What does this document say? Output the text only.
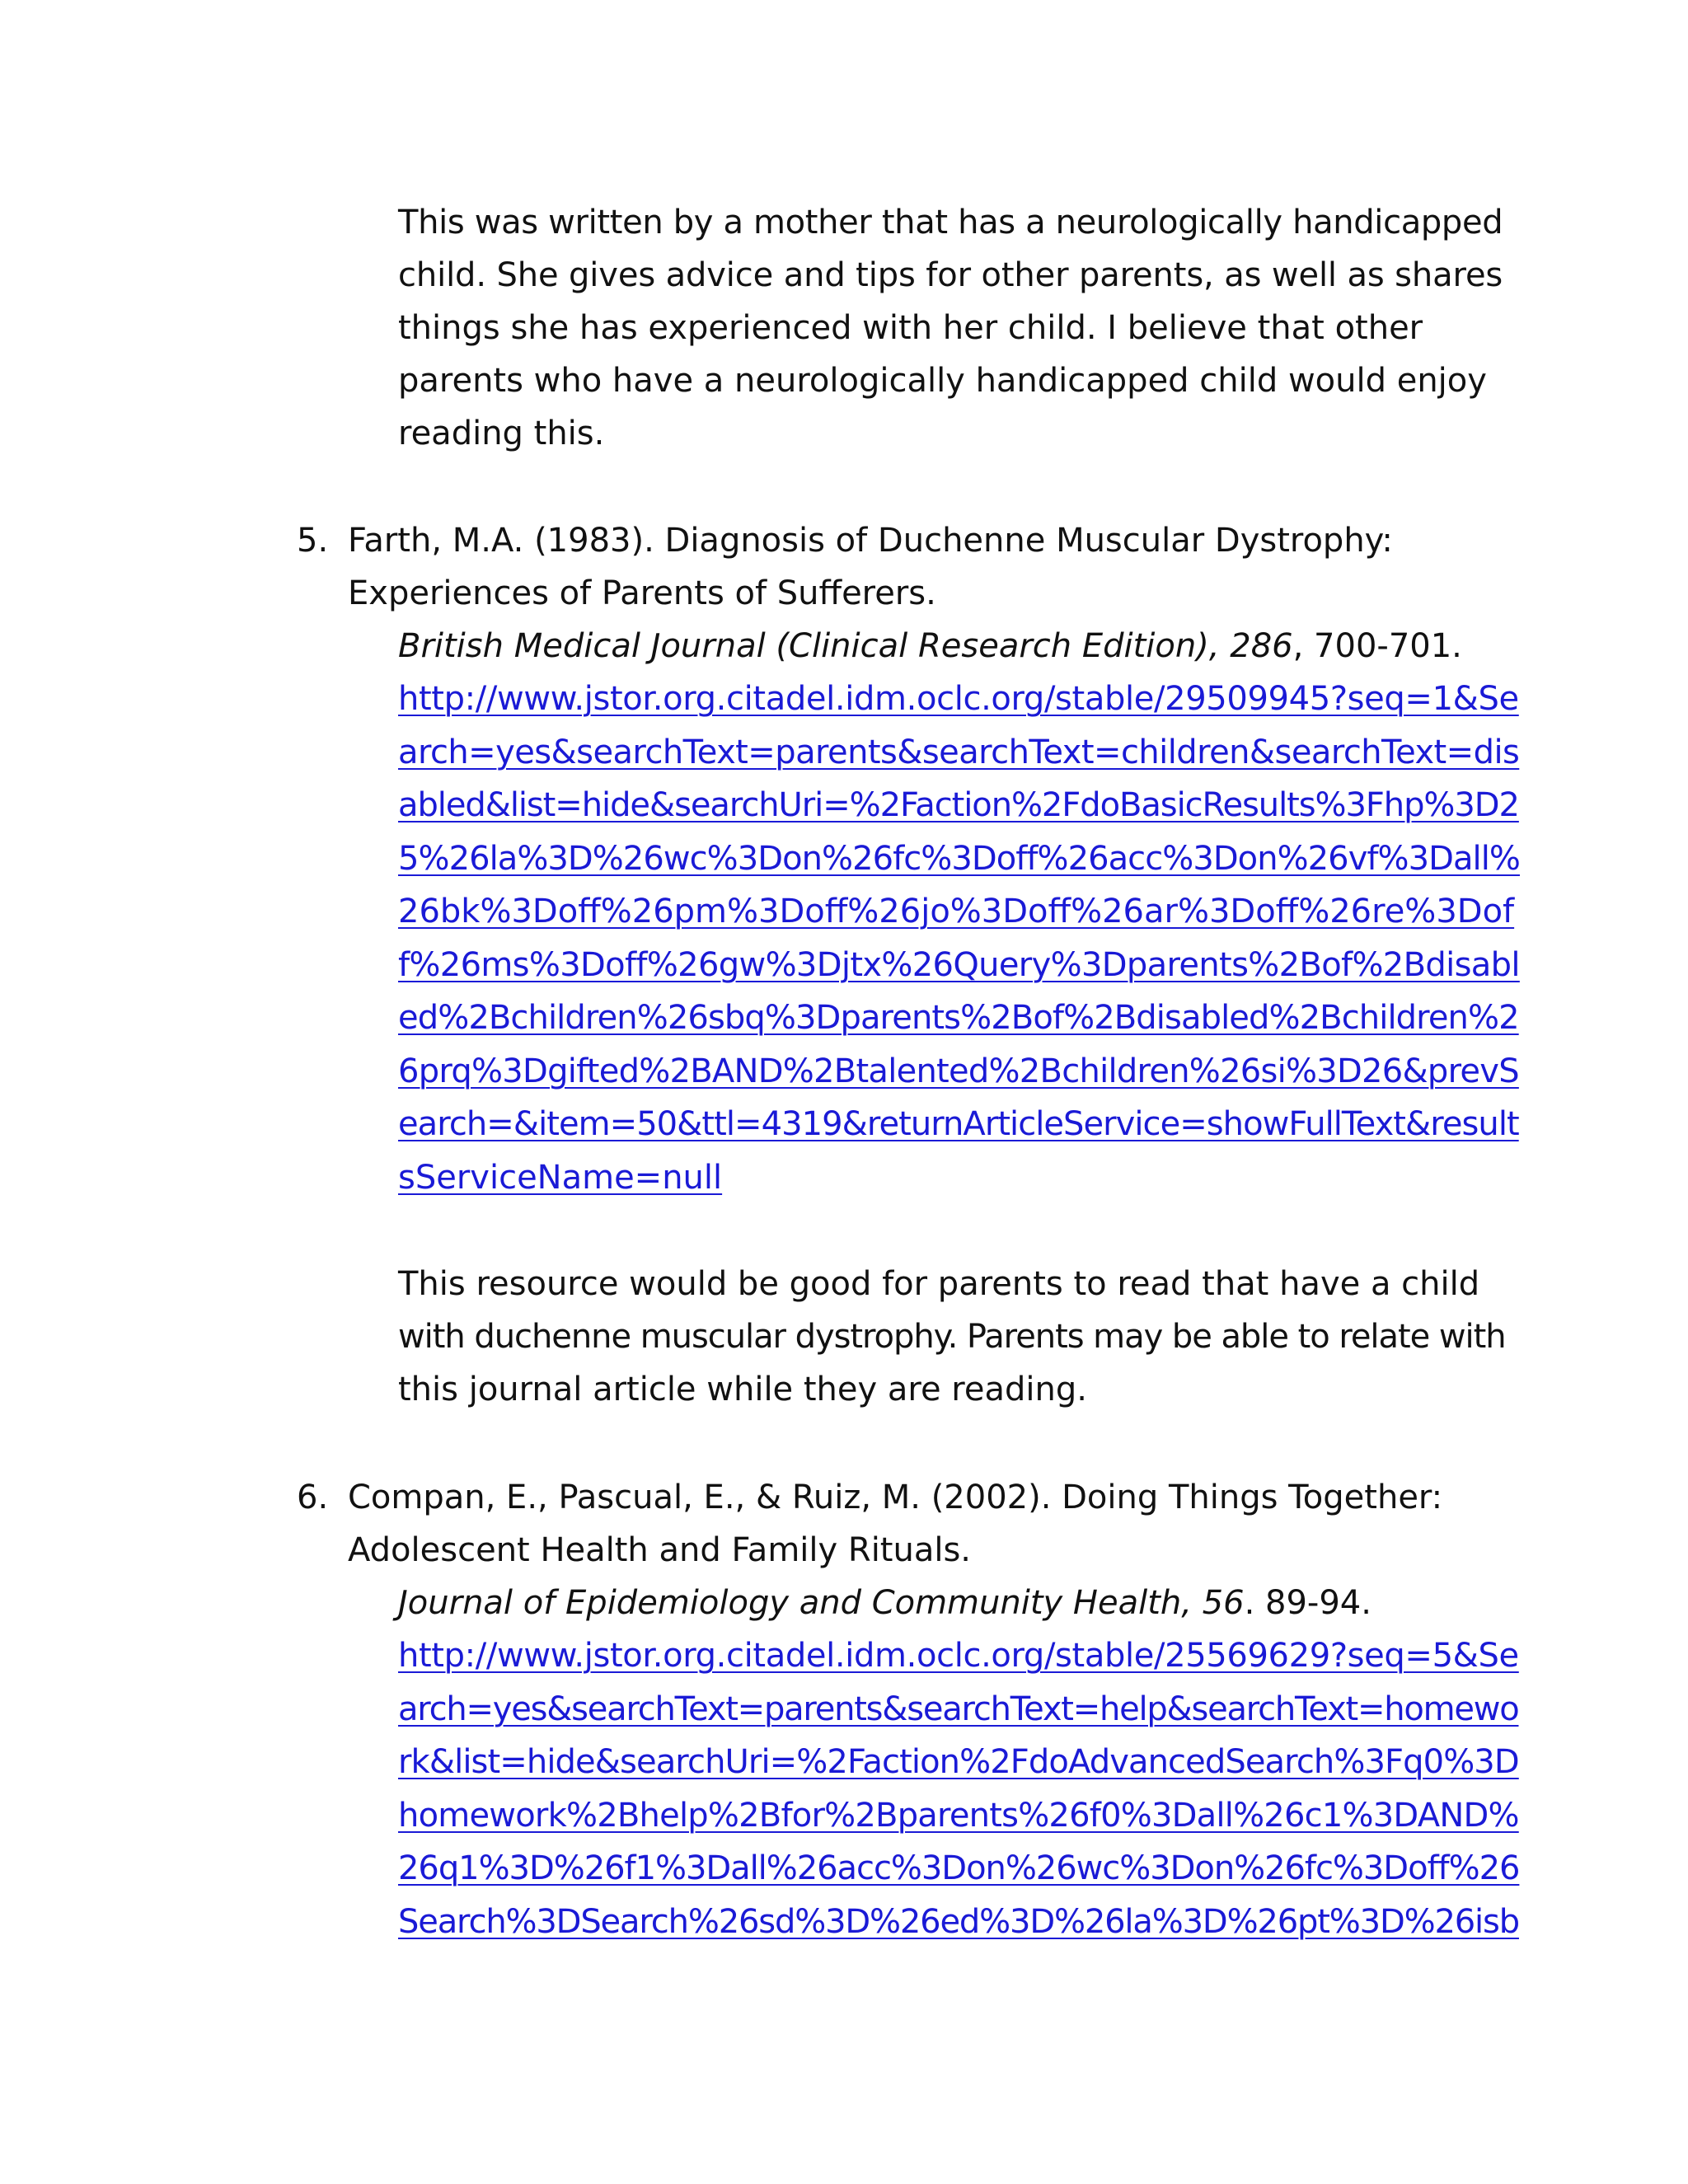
This was written by a mother that has a neurologically handicapped
child. She gives advice and tips for other parents, as well as shares
things she has experienced with her child. I believe that other
parents who have a neurologically handicapped child would enjoy
reading this.
5. Farth, M.A. (1983). Diagnosis of Duchenne Muscular Dystrophy:
Experiences of Parents of Sufferers.
British Medical Journal (Clinical Research Edition), 286, 700-701.
http://www.jstor.org.citadel.idm.oclc.org/stable/29509945?seq=1&Se
arch=yes&searchText=parents&searchText=children&searchText=dis
abled&list=hide&searchUri=%2Faction%2FdoBasicResults%3Fhp%3D2
5%26la%3D%26wc%3Don%26fc%3Doff%26acc%3Don%26vf%3Dall%
26bk%3Doff%26pm%3Doff%26jo%3Doff%26ar%3Doff%26re%3Dof
f%26ms%3Doff%26gw%3Djtx%26Query%3Dparents%2Bof%2Bdisabl
ed%2Bchildren%26sbq%3Dparents%2Bof%2Bdisabled%2Bchildren%2
6prq%3Dgifted%2BAND%2Btalented%2Bchildren%26si%3D26&prevS
earch=&item=50&ttl=4319&returnArticleService=showFullText&result
sServiceName=null
This resource would be good for parents to read that have a child
with duchenne muscular dystrophy. Parents may be able to relate with
this journal article while they are reading.
6. Compan, E., Pascual, E., & Ruiz, M. (2002). Doing Things Together:
Adolescent Health and Family Rituals.
Journal of Epidemiology and Community Health, 56. 89-94.
http://www.jstor.org.citadel.idm.oclc.org/stable/25569629?seq=5&Se
arch=yes&searchText=parents&searchText=help&searchText=homewo
rk&list=hide&searchUri=%2Faction%2FdoAdvancedSearch%3Fq0%3D
homework%2Bhelp%2Bfor%2Bparents%26f0%3Dall%26c1%3DAND%
26q1%3D%26f1%3Dall%26acc%3Don%26wc%3Don%26fc%3Doff%26
Search%3DSearch%26sd%3D%26ed%3D%26la%3D%26pt%3D%26isb
